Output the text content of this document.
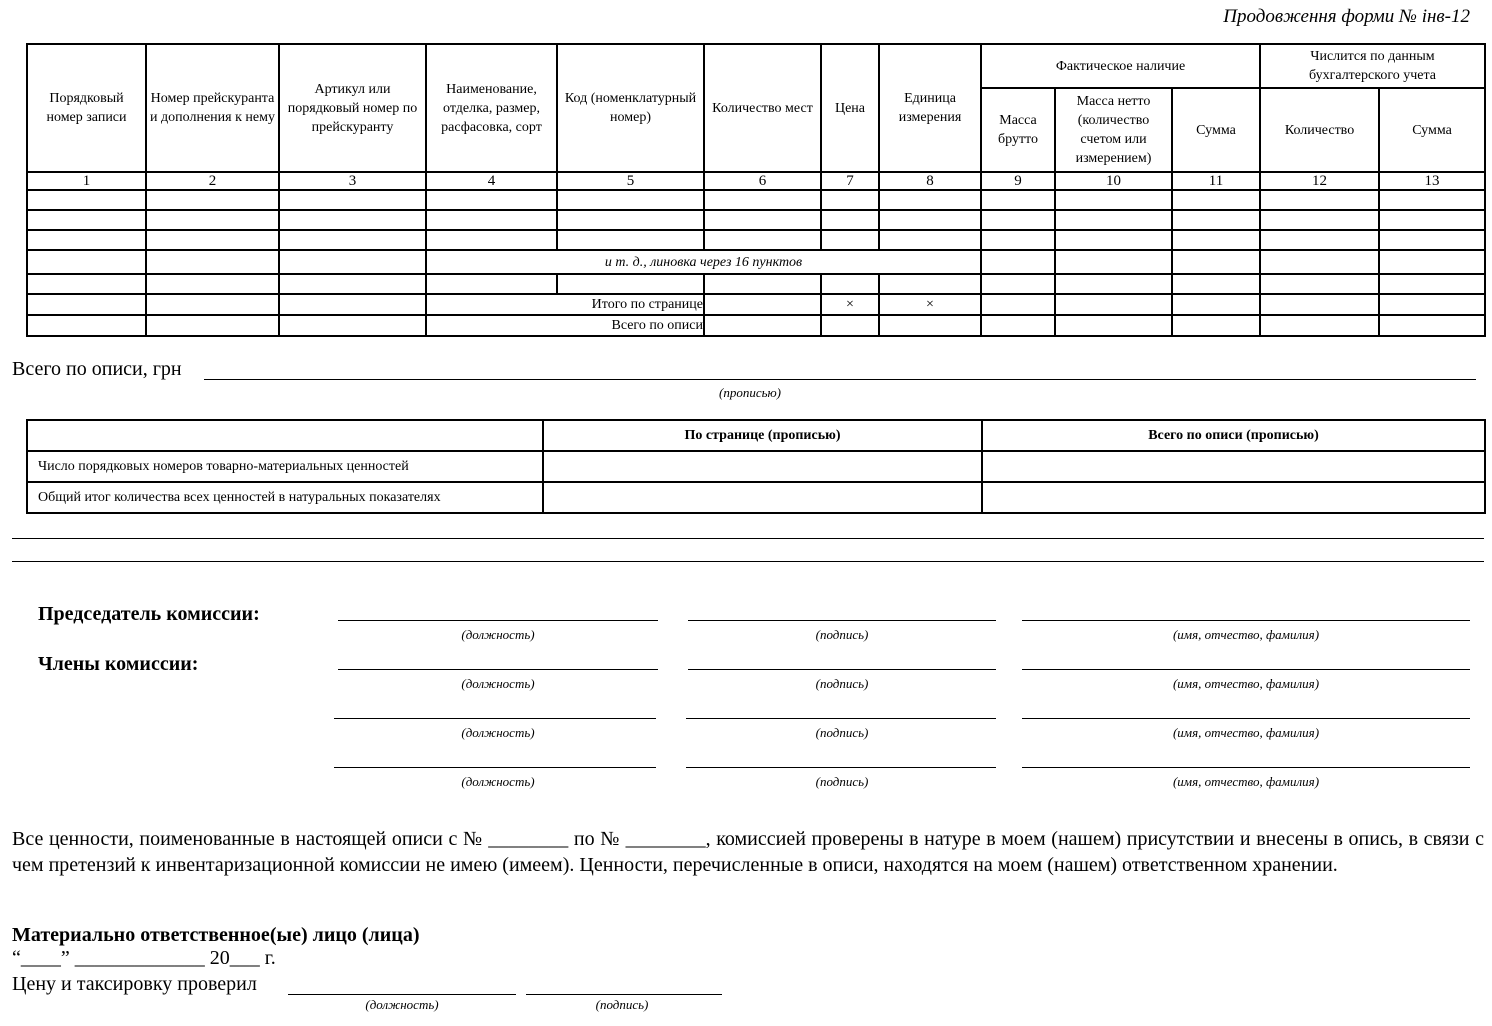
Продовження форми № інв-12
Порядковый номер записи	Номер прейскуранта и дополнения к нему	Артикул или порядковый номер по прейскуранту	Наименование, отделка, размер, расфасовка, сорт	Код (номенклатурный номер)	Количество мест	Цена	Единица измерения	Фактическое наличие			Числится по данным бухгалтерского учета	
								Масса брутто	Масса нетто (количество счетом или измерением)	Сумма	Количество	Сумма
1	2	3	4	5	6	7	8	9	10	11	12	13

			и т. д., линовка через 16 пунктов									

			Итого по странице			×	×					
			Всего по описи									
Всего по описи, грн
(прописью)
	По странице (прописью)	Всего по описи (прописью)
Число порядковых номеров товарно-материальных ценностей		
Общий итог количества всех ценностей в натуральных показателях		
Председатель комиссии:
Члены комиссии:
(должность)	(подпись)	(имя, отчество, фамилия)
(должность)	(подпись)	(имя, отчество, фамилия)
(должность)	(подпись)	(имя, отчество, фамилия)
(должность)	(подпись)	(имя, отчество, фамилия)
Все ценности, поименованные в настоящей описи с № ________ по № ________, комиссией проверены в натуре в моем (нашем) присутствии и внесены в опись, в связи с чем претензий к инвентаризационной комиссии не имею (имеем). Ценности, перечисленные в описи, находятся на моем (нашем) ответственном хранении.
Материально ответственное(ые) лицо (лица)
“____” _____________ 20___ г.
Цену и таксировку проверил
(должность)	(подпись)
